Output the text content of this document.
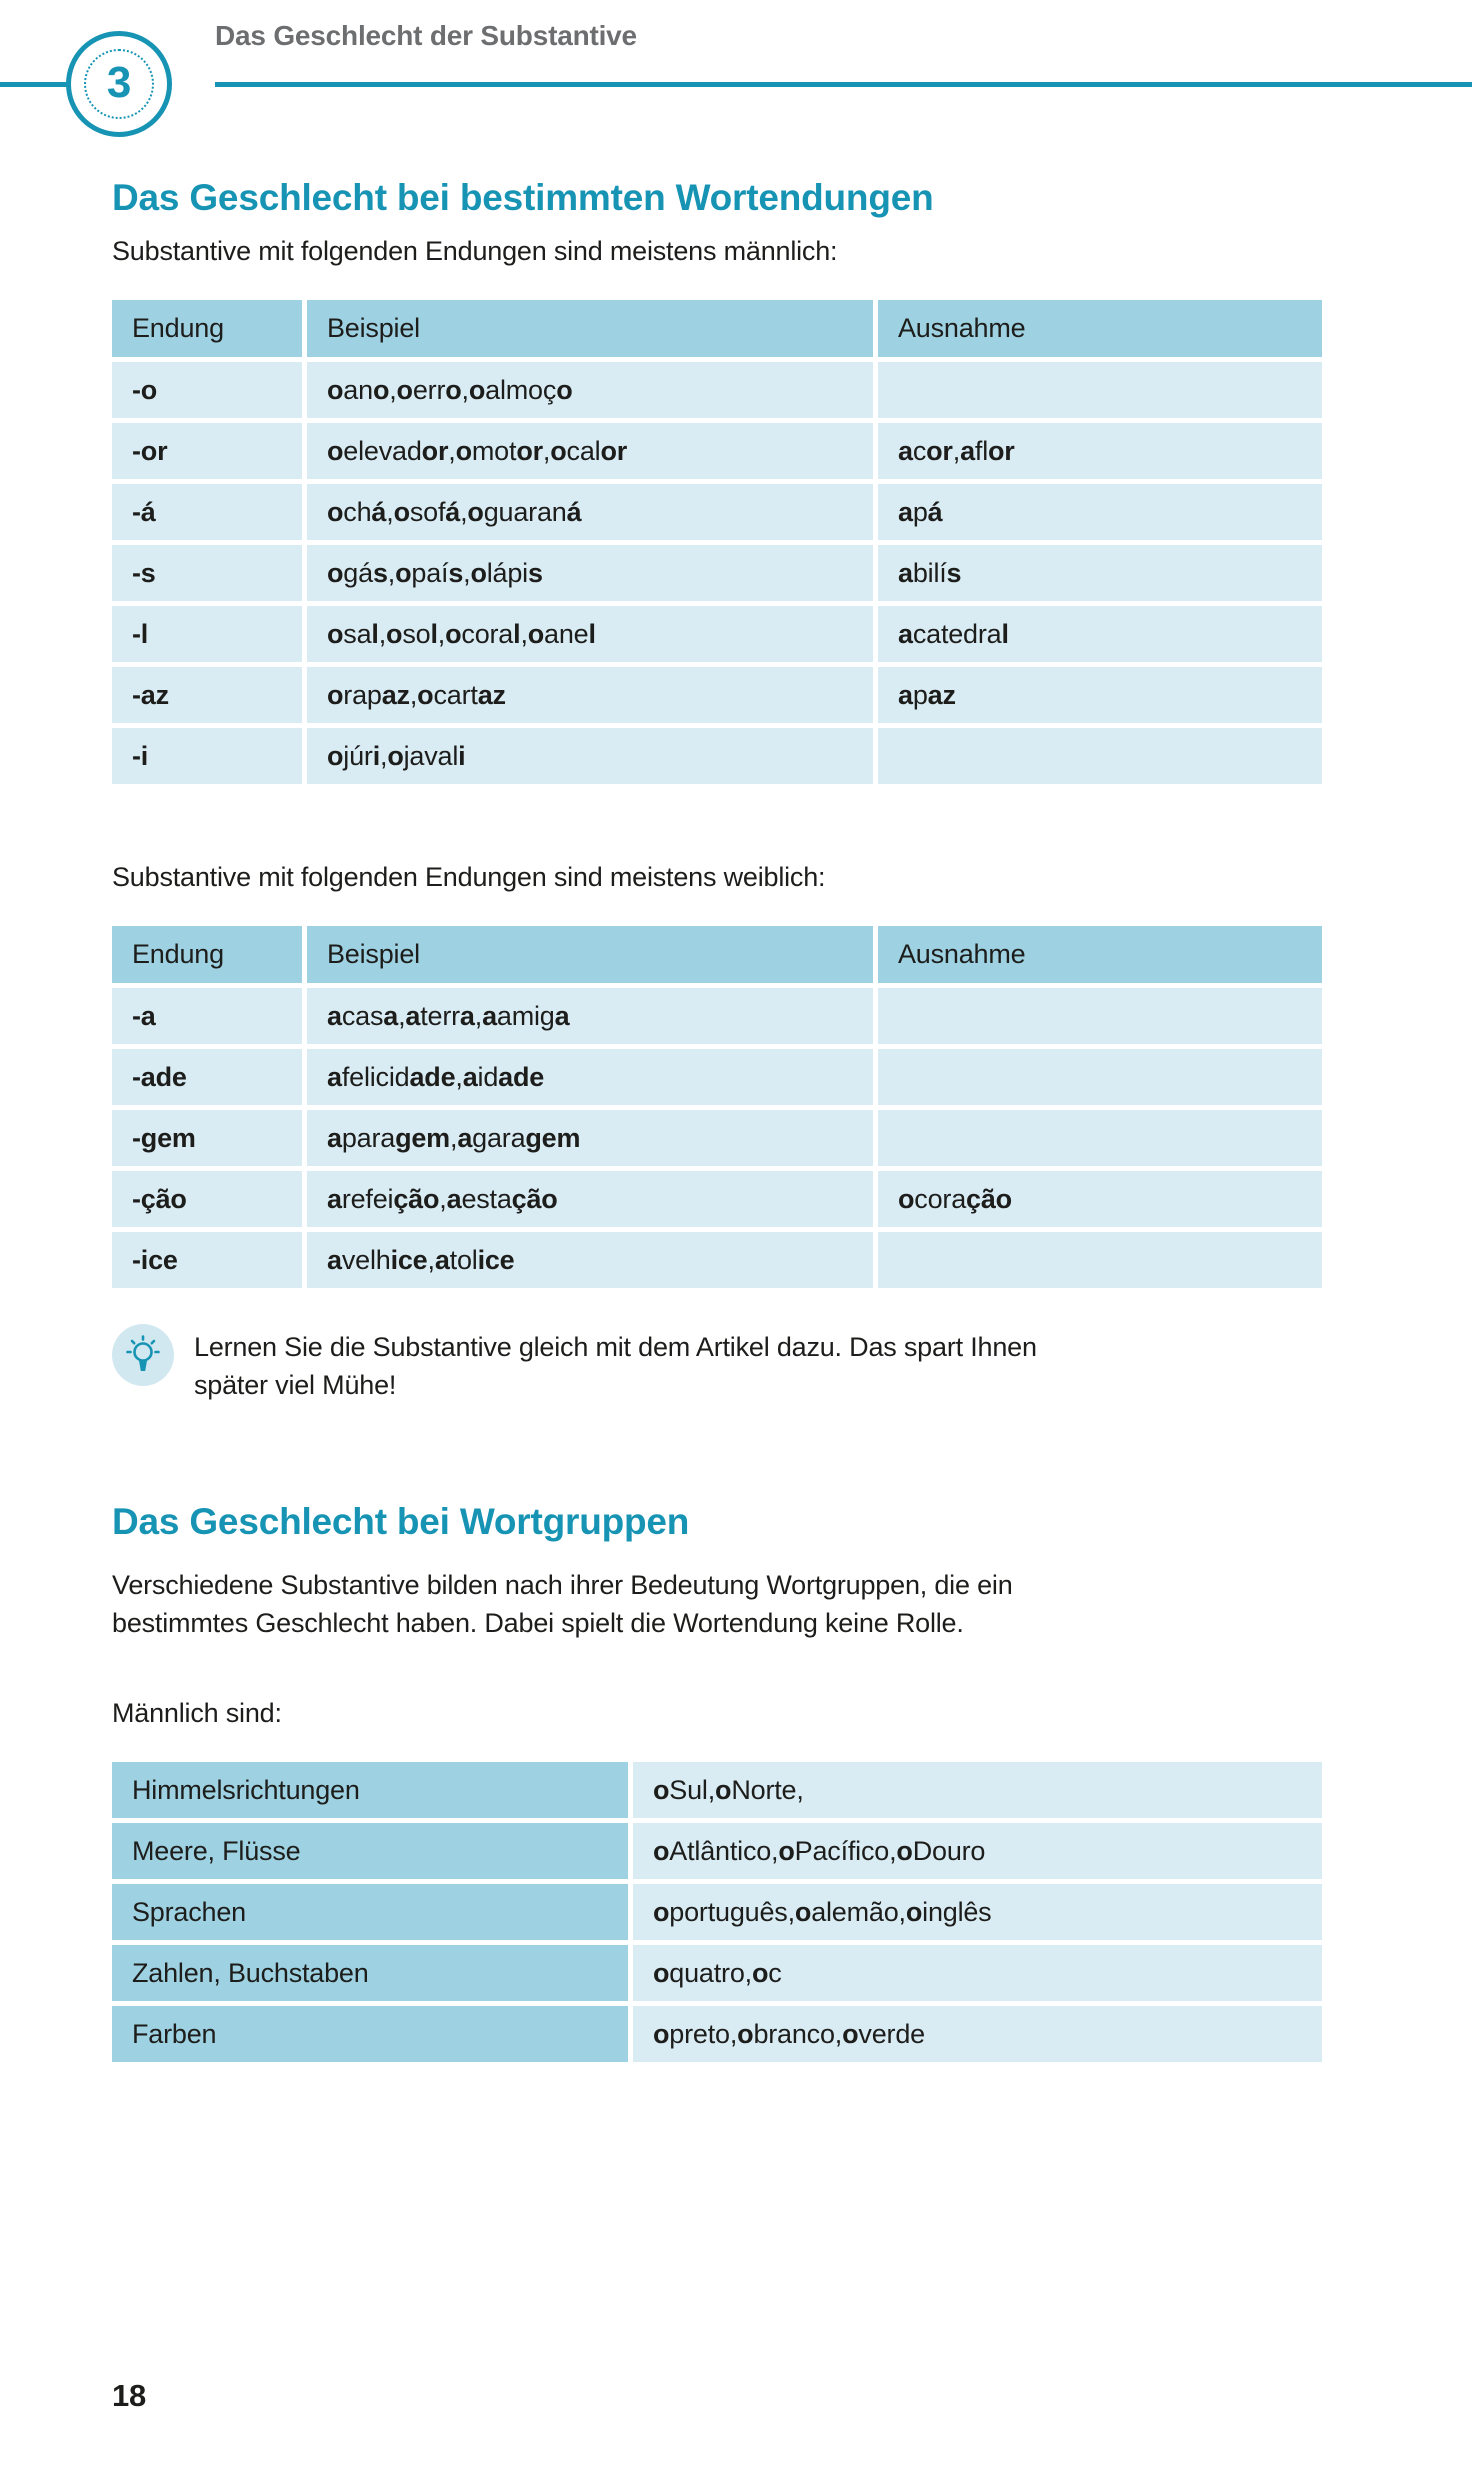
3
Das Geschlecht der Substantive
Das Geschlecht bei bestimmten Wortendungen
Substantive mit folgenden Endungen sind meistens männlich:
Endung	Beispiel	Ausnahme
-o	o an o , o err o , o almoç o
-or	o elevad or , o mot or , o cal or	a c or , a fl or
-á	o ch á , o sof á , o guaran á	a p á
-s	o gá s , o paí s , o lápi s	a bilí s
-l	o sa l , o so l , o cora l , o ane l	a catedra l
-az	o rap az , o cart az	a p az
-i	o júr i , o javal i
Substantive mit folgenden Endungen sind meistens weiblich:
Endung	Beispiel	Ausnahme
-a	a cas a , a terr a , a amig a
-ade	a felicid ade , a id ade
-gem	a para gem , a gara gem
-ção	a refei ção , a esta ção	o cora ção
-ice	a velh ice , a tol ice
Lernen Sie die Substantive gleich mit dem Artikel dazu. Das spart Ihnen
später viel Mühe!
Das Geschlecht bei Wortgruppen
Verschiedene Substantive bilden nach ihrer Bedeutung Wortgruppen, die ein
bestimmtes Geschlecht haben. Dabei spielt die Wortendung keine Rolle.
Männlich sind:
Himmelsrichtungen	o Sul, o Norte,
Meere, Flüsse	o Atlântico, o Pacífico, o Douro
Sprachen	o português, o alemão, o inglês
Zahlen, Buchstaben	o quatro, o c
Farben	o preto, o branco, o verde
18
